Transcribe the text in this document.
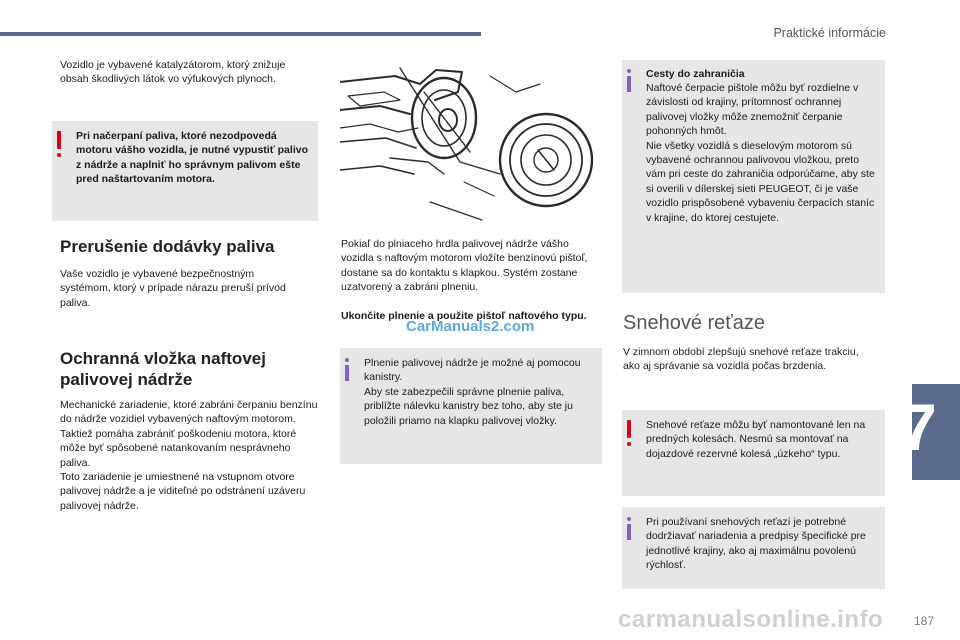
Praktické informácie
7

Vozidlo je vybavené katalyzátorom, ktorý znižuje obsah škodlivých látok vo výfukových plynoch.

Pri načerpaní paliva, ktoré nezodpovedá motoru vášho vozidla, je nutné vypustiť palivo z nádrže a naplniť ho správnym palivom ešte pred naštartovaním motora.
Prerušenie dodávky paliva

Vaše vozidlo je vybavené bezpečnostným systémom, ktorý v prípade nárazu preruší prívod paliva.

Ochranná vložka naftovej palivovej nádrže

Mechanické zariadenie, ktoré zabráni čerpaniu benzínu do nádrže vozidiel vybavených naftovým motorom. Taktiež pomáha zabrániť poškodeniu motora, ktoré môže byť spôsobené natankovaním nesprávneho paliva.
Toto zariadenie je umiestnené na vstupnom otvore palivovej nádrže a je viditeľné po odstránení uzáveru palivovej nádrže.

Pokiaľ do plniaceho hrdla palivovej nádrže vášho vozidla s naftovým motorom vložíte benzínovú pištoľ, dostane sa do kontaktu s klapkou. Systém zostane uzatvorený a zabráni plneniu.

Ukončite plnenie a použite pištoľ naftového typu.

CarManuals2.com
Plnenie palivovej nádrže je možné aj pomocou kanistry.
Aby ste zabezpečili správne plnenie paliva, priblížte nálevku kanistry bez toho, aby ste ju položili priamo na klapku palivovej vložky.
Cesty do zahraničia
Naftové čerpacie pištole môžu byť rozdielne v závislosti od krajiny, prítomnosť ochrannej palivovej vložky môže znemožniť čerpanie pohonných hmôt.
Nie všetky vozidlá s dieselovým motorom sú vybavené ochrannou palivovou vložkou, preto vám pri ceste do zahraničia odporúčame, aby ste si overili v dílerskej sieti PEUGEOT, či je vaše vozidlo prispôsobené vybaveniu čerpacích staníc v krajine, do ktorej cestujete.
Snehové reťaze

V zimnom období zlepšujú snehové reťaze trakciu, ako aj správanie sa vozidla počas brzdenia.

Snehové reťaze môžu byť namontované len na predných kolesách. Nesmú sa montovať na dojazdové rezervné kolesá „úzkeho“ typu.
Pri používaní snehových reťazí je potrebné dodržiavať nariadenia a predpisy špecifické pre jednotlivé krajiny, ako aj maximálnu povolenú rýchlosť.
carmanualsonline.info	187
